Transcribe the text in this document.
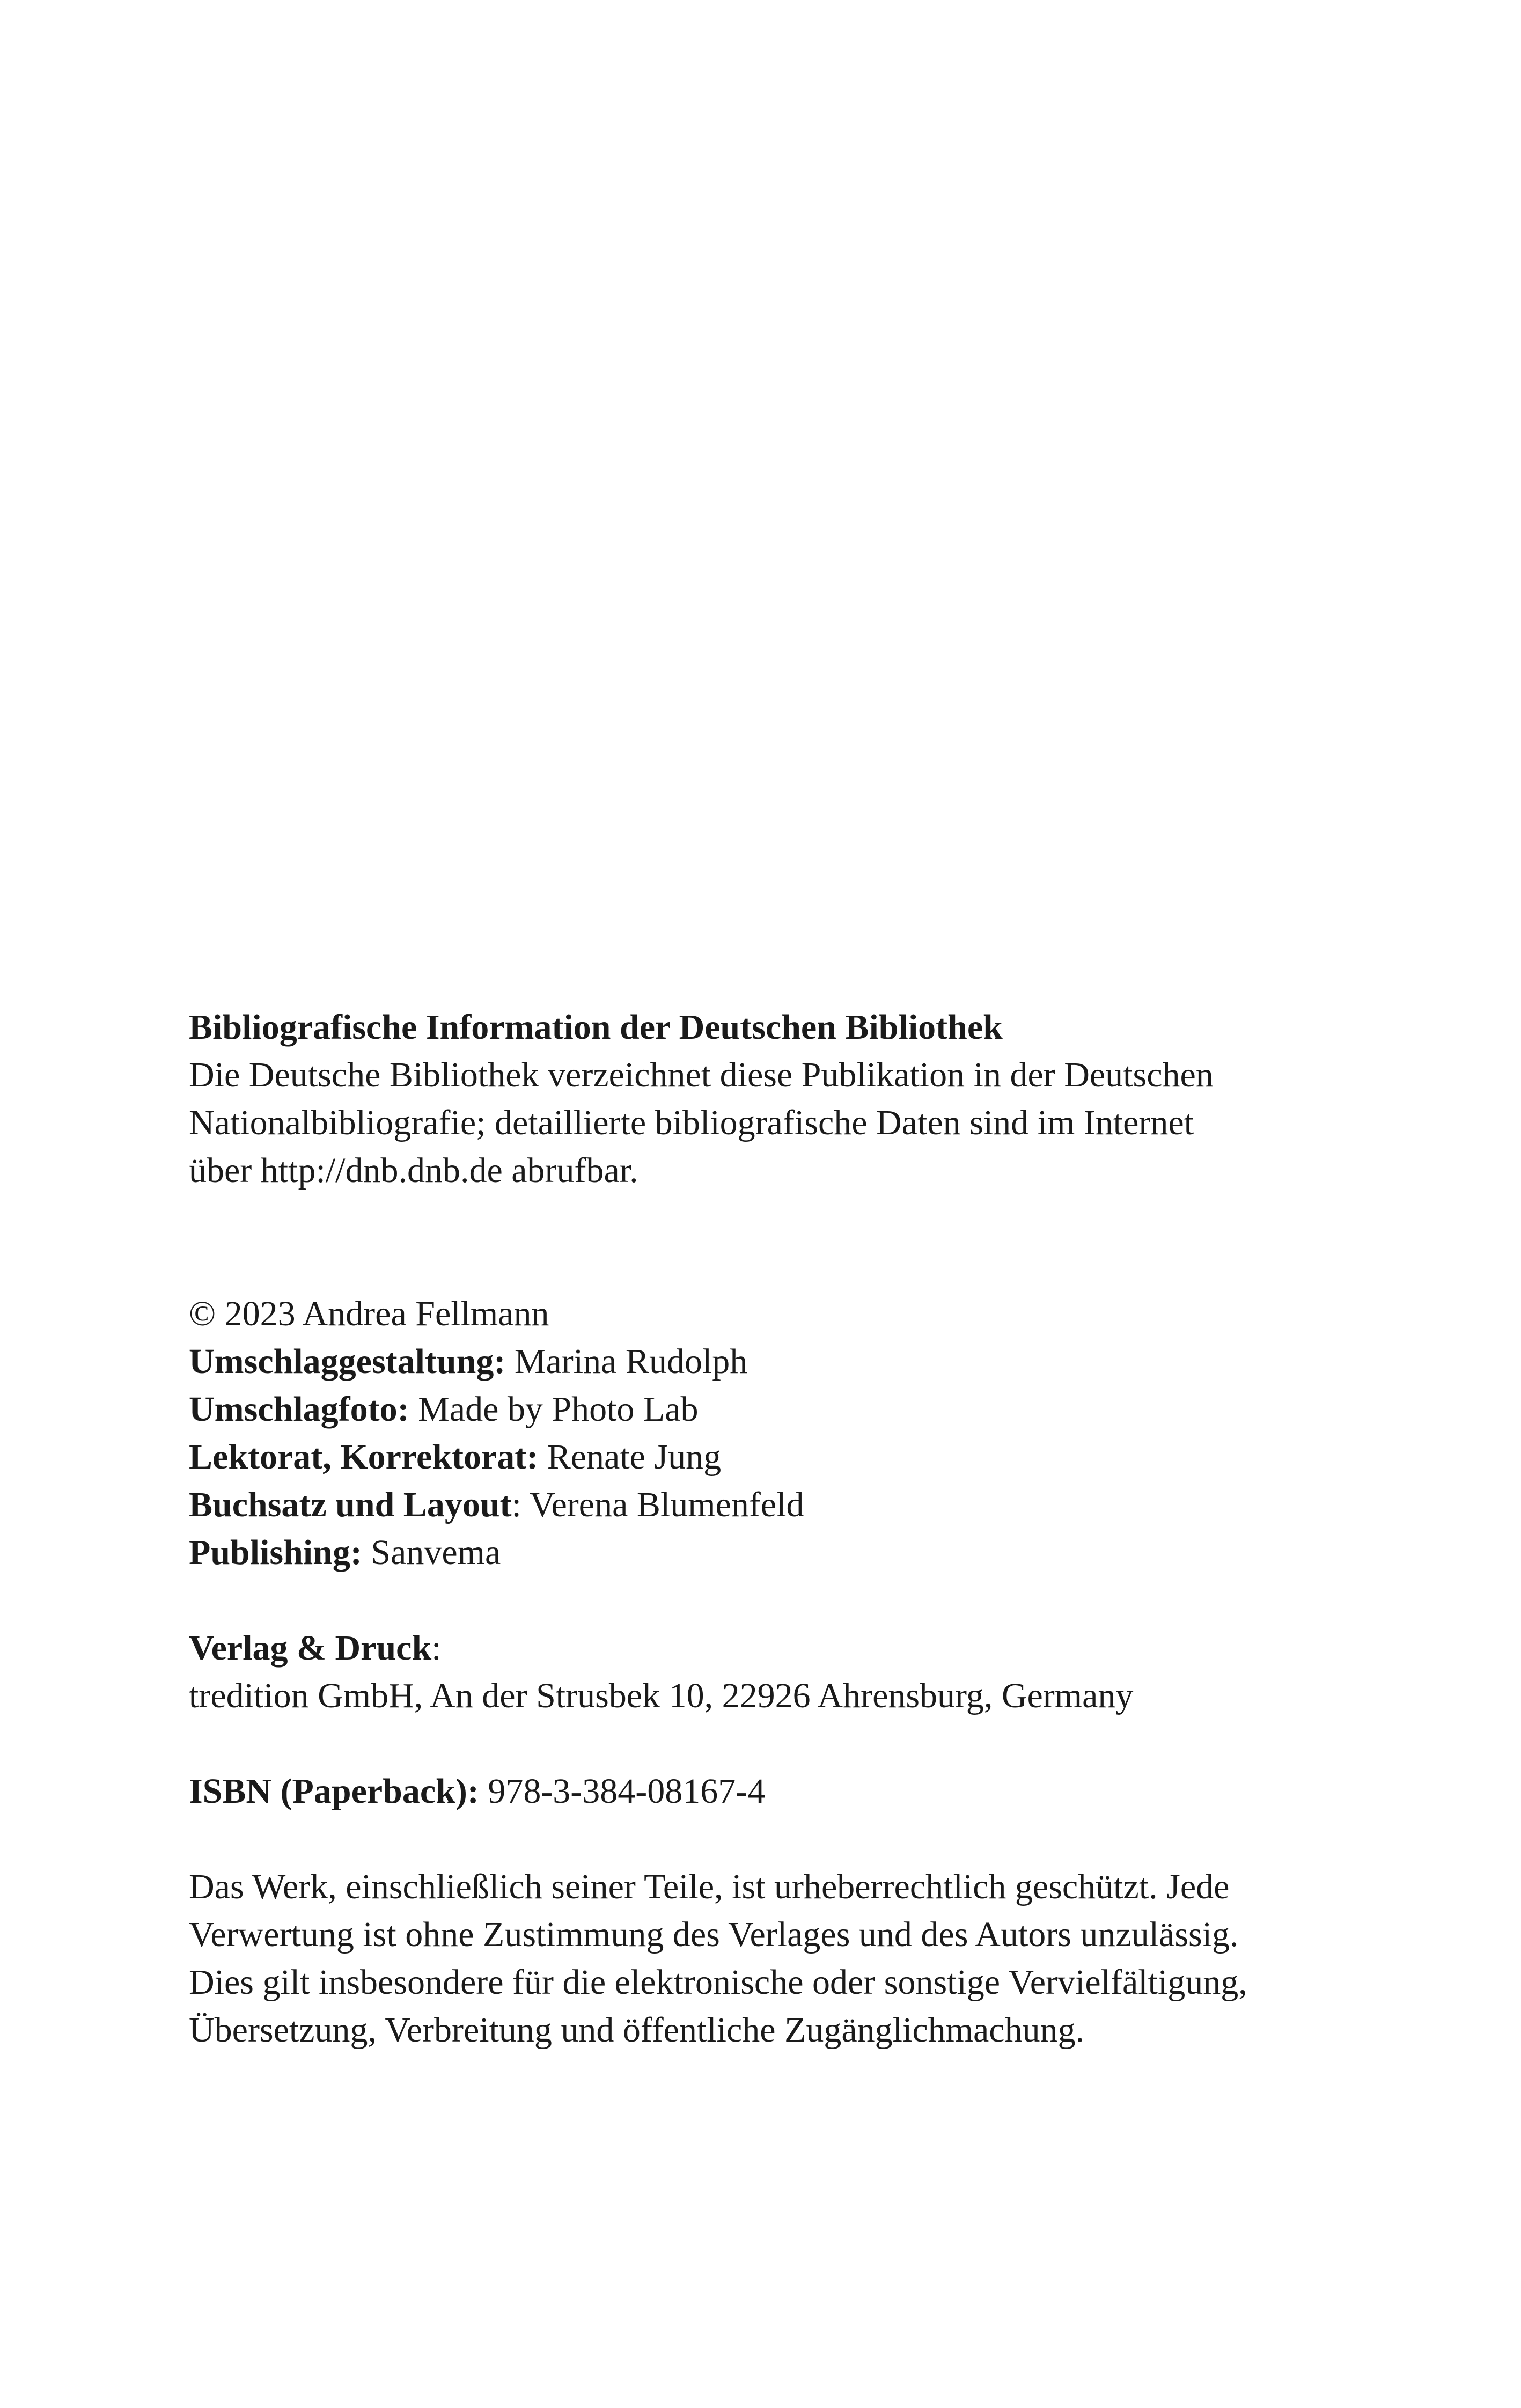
Bibliografische Information der Deutschen Bibliothek
Die Deutsche Bibliothek verzeichnet diese Publikation in der Deutschen
Nationalbibliografie; detaillierte bibliografische Daten sind im Internet
über http://dnb.dnb.de abrufbar.
© 2023 Andrea Fellmann
Umschlaggestaltung: Marina Rudolph
Umschlagfoto: Made by Photo Lab
Lektorat, Korrektorat: Renate Jung
Buchsatz und Layout: Verena Blumenfeld
Publishing: Sanvema
Verlag & Druck:
tredition GmbH, An der Strusbek 10, 22926 Ahrensburg, Germany
ISBN (Paperback): 978-3-384-08167-4
Das Werk, einschließlich seiner Teile, ist urheberrechtlich geschützt. Jede
Verwertung ist ohne Zustimmung des Verlages und des Autors unzulässig.
Dies gilt insbesondere für die elektronische oder sonstige Vervielfältigung,
Übersetzung, Verbreitung und öffentliche Zugänglichmachung.
